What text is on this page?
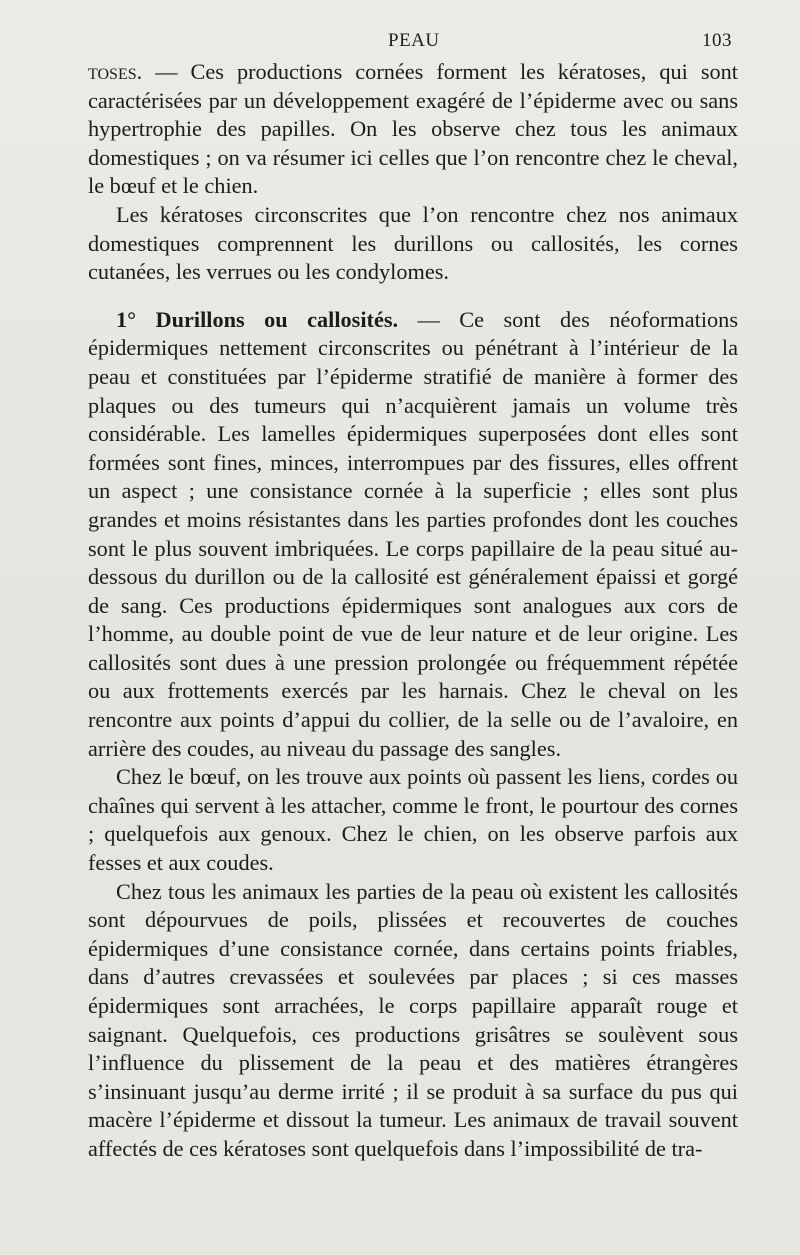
PEAU	103

toses. — Ces productions cornées forment les kératoses, qui sont caractérisées par un développement exagéré de l’épiderme avec ou sans hypertrophie des papilles. On les observe chez tous les animaux domestiques ; on va résumer ici celles que l’on rencontre chez le cheval, le bœuf et le chien.

Les kératoses circonscrites que l’on rencontre chez nos animaux domestiques comprennent les durillons ou callosités, les cornes cutanées, les verrues ou les condylomes.

1° Durillons ou callosités. — Ce sont des néoformations épidermiques nettement circonscrites ou pénétrant à l’intérieur de la peau et constituées par l’épiderme stratifié de manière à former des plaques ou des tumeurs qui n’acquièrent jamais un volume très considérable. Les lamelles épidermiques superposées dont elles sont formées sont fines, minces, interrompues par des fissures, elles offrent un aspect ; une consistance cornée à la superficie ; elles sont plus grandes et moins résistantes dans les parties profondes dont les couches sont le plus souvent imbriquées. Le corps papillaire de la peau situé au-dessous du durillon ou de la callosité est généralement épaissi et gorgé de sang. Ces productions épidermiques sont analogues aux cors de l’homme, au double point de vue de leur nature et de leur origine. Les callosités sont dues à une pression prolongée ou fréquemment répétée ou aux frottements exercés par les harnais. Chez le cheval on les rencontre aux points d’appui du collier, de la selle ou de l’avaloire, en arrière des coudes, au niveau du passage des sangles.

Chez le bœuf, on les trouve aux points où passent les liens, cordes ou chaînes qui servent à les attacher, comme le front, le pourtour des cornes ; quelquefois aux genoux. Chez le chien, on les observe parfois aux fesses et aux coudes.

Chez tous les animaux les parties de la peau où existent les callosités sont dépourvues de poils, plissées et recouvertes de couches épidermiques d’une consistance cornée, dans certains points friables, dans d’autres crevassées et soulevées par places ; si ces masses épidermiques sont arrachées, le corps papillaire apparaît rouge et saignant. Quelquefois, ces productions grisâtres se soulèvent sous l’influence du plissement de la peau et des matières étrangères s’insinuant jusqu’au derme irrité ; il se produit à sa surface du pus qui macère l’épiderme et dissout la tumeur. Les animaux de travail souvent affectés de ces kératoses sont quelquefois dans l’impossibilité de tra-
